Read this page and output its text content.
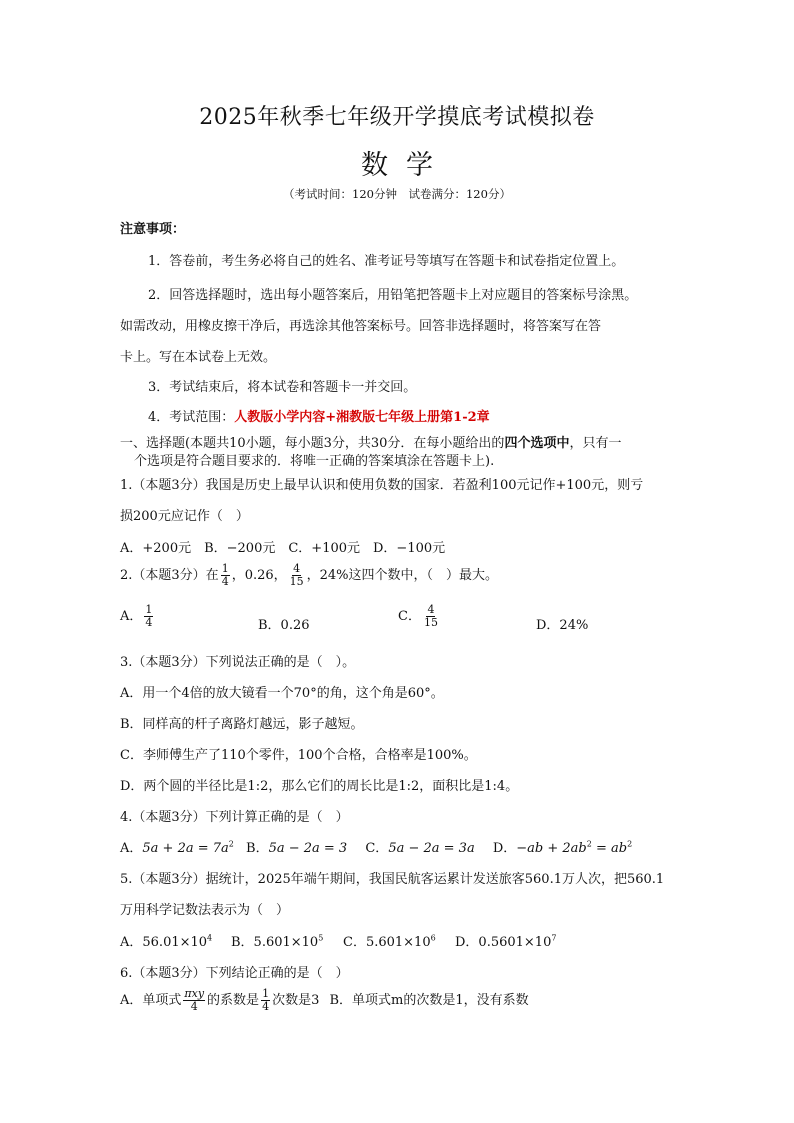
2025年秋季七年级开学摸底考试模拟卷
数学
（考试时间：120分钟　试卷满分：120分）
注意事项：
1．答卷前，考生务必将自己的姓名、准考证号等填写在答题卡和试卷指定位置上。
2．回答选择题时，选出每小题答案后，用铅笔把答题卡上对应题目的答案标号涂黑。
如需改动，用橡皮擦干净后，再选涂其他答案标号。回答非选择题时，将答案写在答
卡上。写在本试卷上无效。
3．考试结束后，将本试卷和答题卡一并交回。
4．考试范围：人教版小学内容+湘教版七年级上册第1-2章
一、选择题(本题共10小题，每小题3分，共30分．在每小题给出的四个选项中，只有一
个选项是符合题目要求的．将唯一正确的答案填涂在答题卡上).
1.（本题3分）我国是历史上最早认识和使用负数的国家．若盈利100元记作+100元，则亏
损200元应记作（　）
A．+200元　B．−200元　C．+100元　D．−100元
2.（本题3分）在 $\frac{1}{4}$ ，0.26， $\frac{4}{15}$ ，24%这四个数中，（　）最大。
A． $\frac{1}{4}$	B．0.26
C． $\frac{4}{15}$	D．24%
3.（本题3分）下列说法正确的是（　）。
A．用一个4倍的放大镜看一个70°的角，这个角是60°。
B．同样高的杆子离路灯越远，影子越短。
C．李师傅生产了110个零件，100个合格，合格率是100%。
D．两个圆的半径比是1:2，那么它们的周长比是1:2，面积比是1:4。
4.（本题3分）下列计算正确的是（　）
A．$5a + 2a = 7a^2$ B．5a − 2a = 3 C．5a − 2a = 3a D．$-ab + 2ab^2 = ab^2$
5.（本题3分）据统计，2025年端午期间，我国民航客运累计发送旅客560.1万人次，把560.1
万用科学记数法表示为（　）
A．$56.01\times 10^4$ B．$5.601\times 10^5$ C．$5.601\times 10^6$ D．$0.5601\times 10^7$
6.（本题3分）下列结论正确的是（　）
A．单项式 $\frac{\text{πxy}}{4}$ 的系数是 $\frac{1}{4}$ 次数是3 B．单项式m的次数是1，没有系数
